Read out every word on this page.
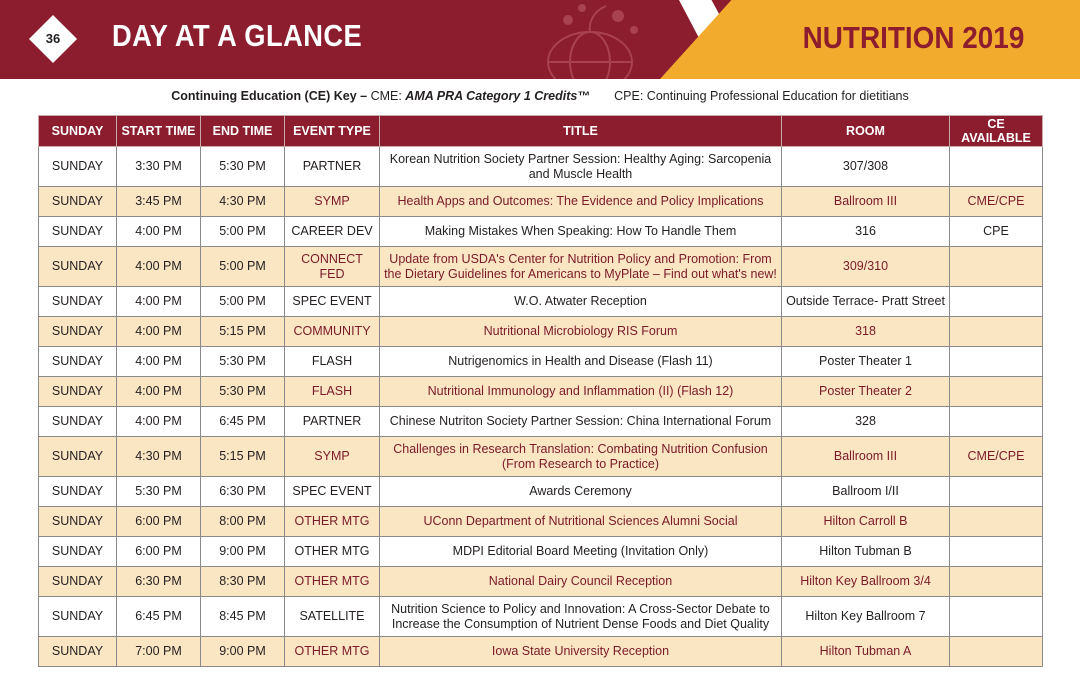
36	DAY AT A GLANCE	NUTRITION 2019
Continuing Education (CE) Key – CME: AMA PRA Category 1 Credits™ CPE: Continuing Professional Education for dietitians
SUNDAY	START TIME	END TIME	EVENT TYPE	TITLE	ROOM	CE AVAILABLE
SUNDAY	3:30 PM	5:30 PM	PARTNER	Korean Nutrition Society Partner Session: Healthy Aging: Sarcopenia and Muscle Health	307/308	
SUNDAY	3:45 PM	4:30 PM	SYMP	Health Apps and Outcomes: The Evidence and Policy Implications	Ballroom III	CME/CPE
SUNDAY	4:00 PM	5:00 PM	CAREER DEV	Making Mistakes When Speaking: How To Handle Them	316	CPE
SUNDAY	4:00 PM	5:00 PM	CONNECT FED	Update from USDA's Center for Nutrition Policy and Promotion: From the Dietary Guidelines for Americans to MyPlate – Find out what's new!	309/310	
SUNDAY	4:00 PM	5:00 PM	SPEC EVENT	W.O. Atwater Reception	Outside Terrace- Pratt Street	
SUNDAY	4:00 PM	5:15 PM	COMMUNITY	Nutritional Microbiology RIS Forum	318	
SUNDAY	4:00 PM	5:30 PM	FLASH	Nutrigenomics in Health and Disease (Flash 11)	Poster Theater 1	
SUNDAY	4:00 PM	5:30 PM	FLASH	Nutritional Immunology and Inflammation (II) (Flash 12)	Poster Theater 2	
SUNDAY	4:00 PM	6:45 PM	PARTNER	Chinese Nutriton Society Partner Session: China International Forum	328	
SUNDAY	4:30 PM	5:15 PM	SYMP	Challenges in Research Translation: Combating Nutrition Confusion (From Research to Practice)	Ballroom III	CME/CPE
SUNDAY	5:30 PM	6:30 PM	SPEC EVENT	Awards Ceremony	Ballroom I/II	
SUNDAY	6:00 PM	8:00 PM	OTHER MTG	UConn Department of Nutritional Sciences Alumni Social	Hilton Carroll B	
SUNDAY	6:00 PM	9:00 PM	OTHER MTG	MDPI Editorial Board Meeting (Invitation Only)	Hilton Tubman B	
SUNDAY	6:30 PM	8:30 PM	OTHER MTG	National Dairy Council Reception	Hilton Key Ballroom 3/4	
SUNDAY	6:45 PM	8:45 PM	SATELLITE	Nutrition Science to Policy and Innovation: A Cross-Sector Debate to Increase the Consumption of Nutrient Dense Foods and Diet Quality	Hilton Key Ballroom 7	
SUNDAY	7:00 PM	9:00 PM	OTHER MTG	Iowa State University Reception	Hilton Tubman A	
